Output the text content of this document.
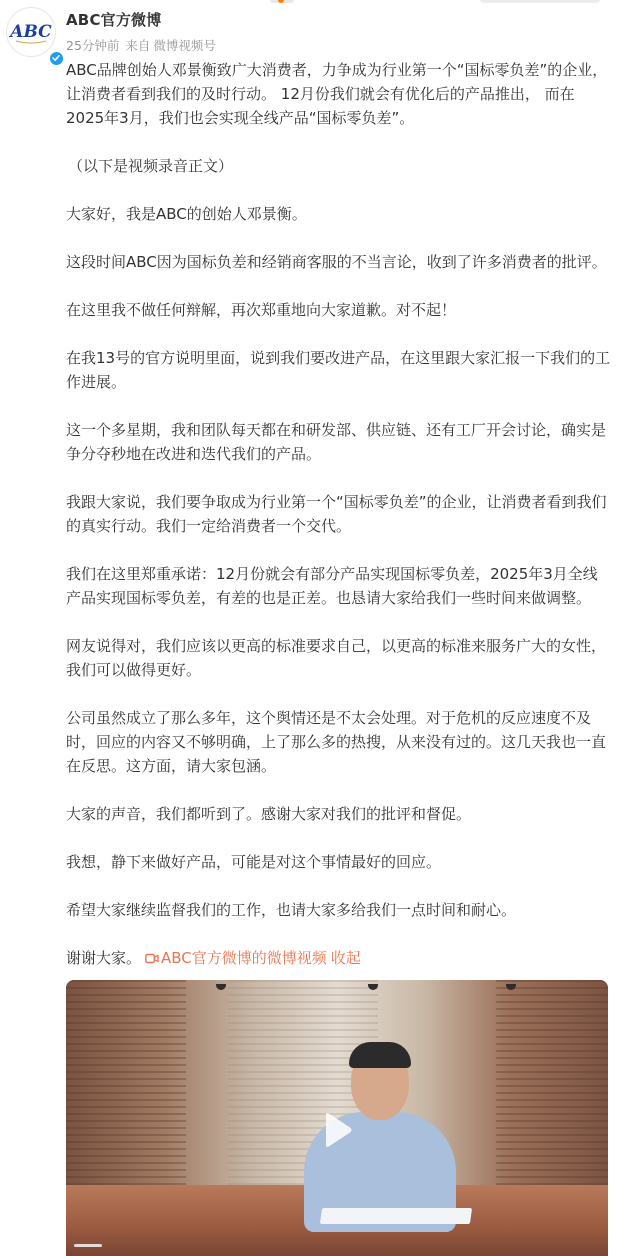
ABC
ABC官方微博
25分钟前 来自 微博视频号

ABC品牌创始人邓景衡致广大消费者，力争成为行业第一个“国标零负差”的企业，让消费者看到我们的及时行动。 12月份我们就会有优化后的产品推出， 而在2025年3月，我们也会实现全线产品“国标零负差”。

（以下是视频录音正文）

大家好，我是ABC的创始人邓景衡。

这段时间ABC因为国标负差和经销商客服的不当言论，收到了许多消费者的批评。

在这里我不做任何辩解，再次郑重地向大家道歉。对不起！

在我13号的官方说明里面，说到我们要改进产品，在这里跟大家汇报一下我们的工作进展。

这一个多星期，我和团队每天都在和研发部、供应链、还有工厂开会讨论，确实是争分夺秒地在改进和迭代我们的产品。

我跟大家说，我们要争取成为行业第一个“国标零负差”的企业，让消费者看到我们的真实行动。我们一定给消费者一个交代。

我们在这里郑重承诺：12月份就会有部分产品实现国标零负差，2025年3月全线产品实现国标零负差，有差的也是正差。也恳请大家给我们一些时间来做调整。

网友说得对，我们应该以更高的标准要求自己，以更高的标准来服务广大的女性，我们可以做得更好。

公司虽然成立了那么多年，这个舆情还是不太会处理。对于危机的反应速度不及时，回应的内容又不够明确，上了那么多的热搜，从来没有过的。这几天我也一直在反思。这方面，请大家包涵。

大家的声音，我们都听到了。感谢大家对我们的批评和督促。

我想，静下来做好产品，可能是对这个事情最好的回应。

希望大家继续监督我们的工作，也请大家多给我们一点时间和耐心。

谢谢大家。 ABC官方微博的微博视频 收起
